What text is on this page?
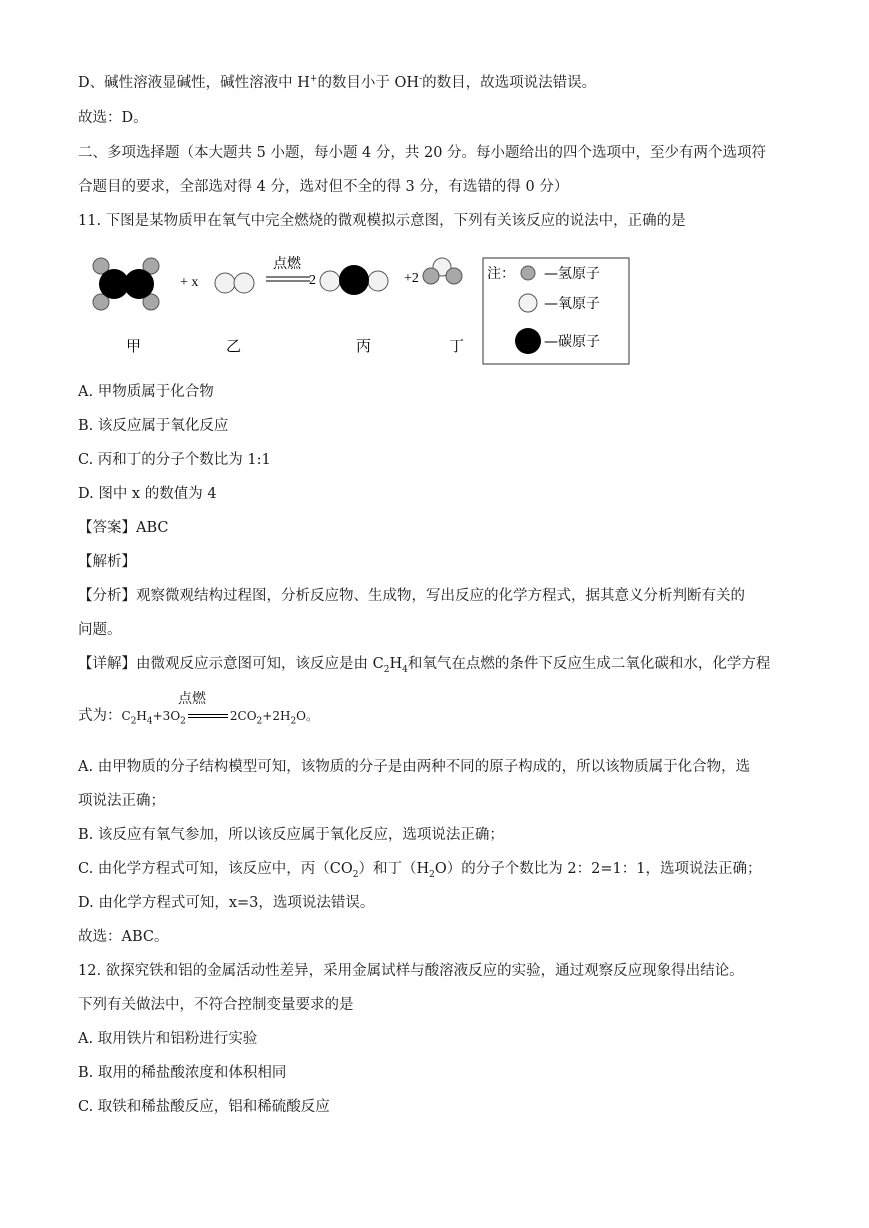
D、碱性溶液显碱性，碱性溶液中 H+的数目小于 OH-的数目，故选项说法错误。
故选：D。
二、多项选择题（本大题共 5 小题，每小题 4 分，共 20 分。每小题给出的四个选项中，至少有两个选项符
合题目的要求，全部选对得 4 分，选对但不全的得 3 分，有选错的得 0 分）
11. 下图是某物质甲在氧气中完全燃烧的微观模拟示意图，下列有关该反应的说法中，正确的是
+ x
点燃
2	+2
甲	乙	丙	丁
注： —氢原子
—氧原子
—碳原子
A. 甲物质属于化合物
B. 该反应属于氧化反应
C. 丙和丁的分子个数比为 1:1
D. 图中 x 的数值为 4
【答案】ABC
【解析】
【分析】观察微观结构过程图，分析反应物、生成物，写出反应的化学方程式，据其意义分析判断有关的
问题。
【详解】由微观反应示意图可知，该反应是由 $C_2H_4$和氧气在点燃的条件下反应生成二氧化碳和水，化学方程
式为：$C_2H_4+3O_2$	$2CO_2+2H_2O$。
点燃
A. 由甲物质的分子结构模型可知，该物质的分子是由两种不同的原子构成的，所以该物质属于化合物，选
项说法正确；
B. 该反应有氧气参加，所以该反应属于氧化反应，选项说法正确；
C. 由化学方程式可知，该反应中，丙$(CO_2)$和丁$(H_2O)$的分子个数比为 2：2=1：1，选项说法正确；
D. 由化学方程式可知，x=3，选项说法错误。
故选：ABC。
12. 欲探究铁和铝的金属活动性差异，采用金属试样与酸溶液反应的实验，通过观察反应现象得出结论。
下列有关做法中，不符合控制变量要求的是
A. 取用铁片和铝粉进行实验
B. 取用的稀盐酸浓度和体积相同
C. 取铁和稀盐酸反应，铝和稀硫酸反应
